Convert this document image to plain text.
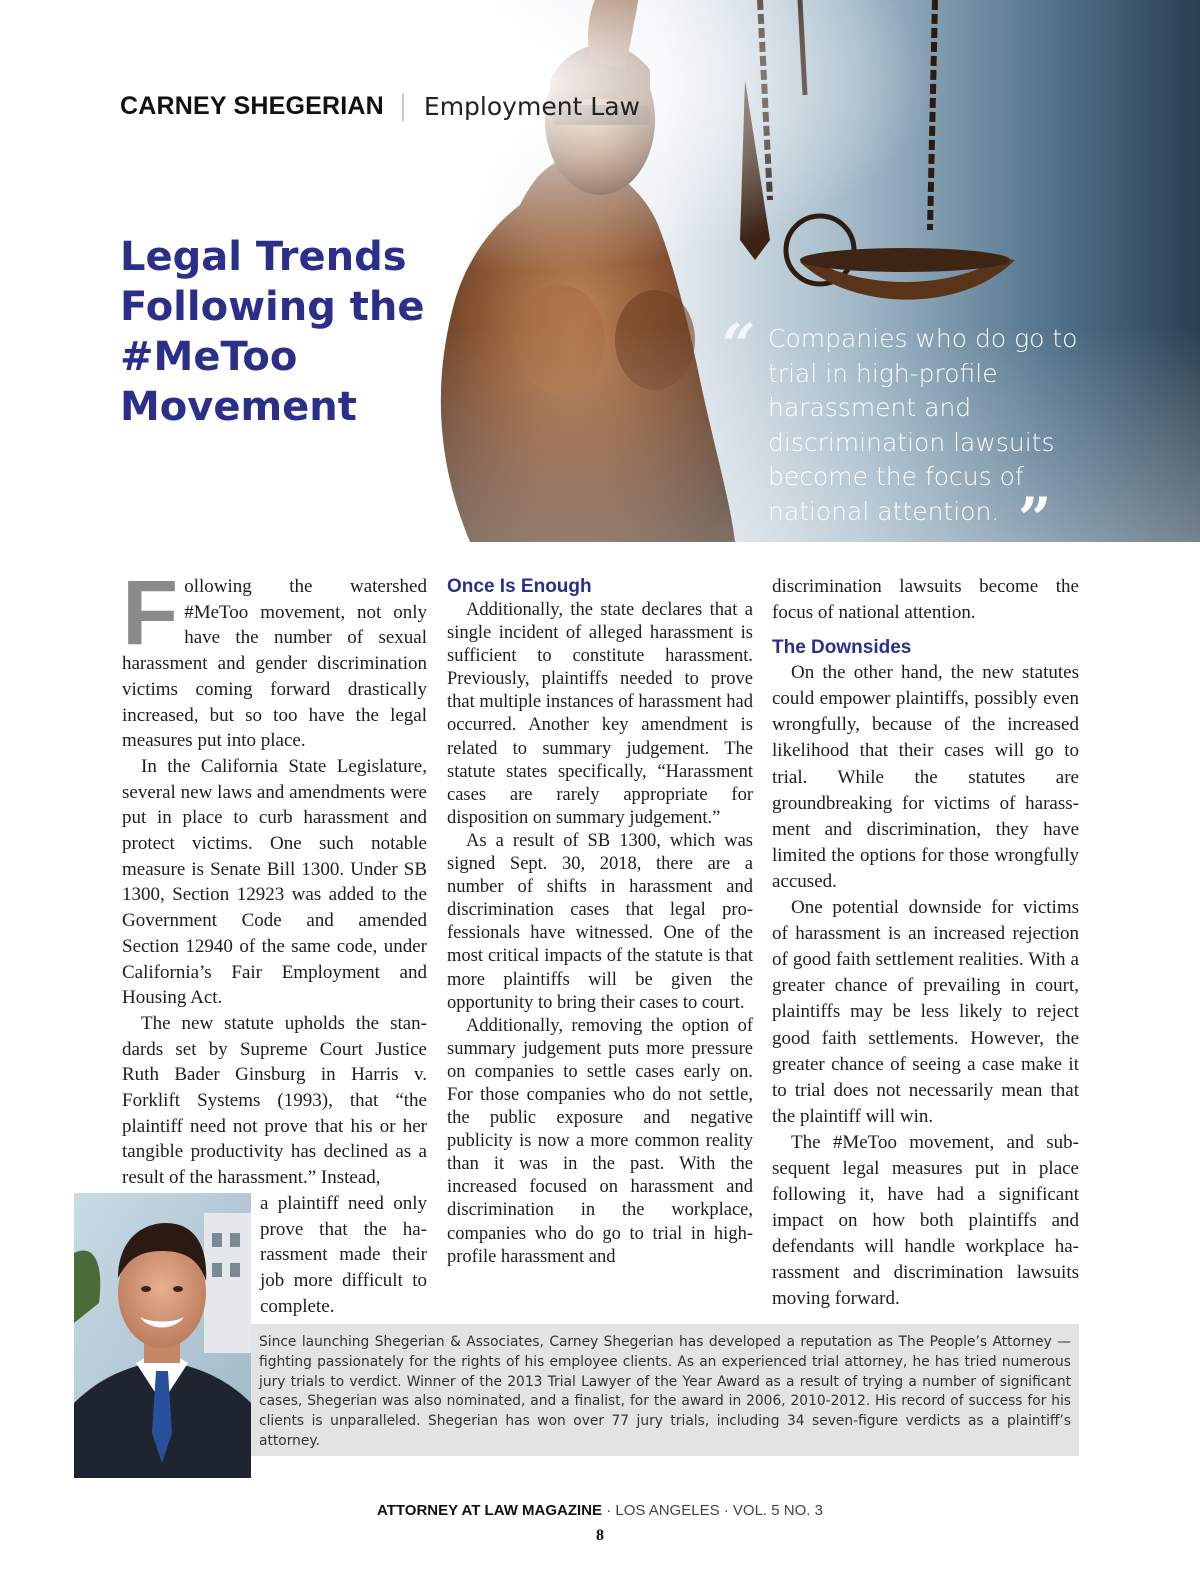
CARNEY SHEGERIAN Employment Law
Legal Trends Following the #MeToo Movement
“ Companies who do go to trial in high-profile harassment and discrimination lawsuits become the focus of national attention. ”

Following the watershed #MeToo movement, not only have the number of sexual harassment and gender discrimination victims coming forward drastically increased, but so too have the legal measures put into place.

In the California State Legislature, several new laws and amendments were put in place to curb harassment and protect victims. One such notable measure is Senate Bill 1300. Under SB 1300, Section 12923 was added to the Government Code and amended Section 12940 of the same code, under California’s Fair Employment and Housing Act.

The new statute upholds the standards set by Supreme Court Justice Ruth Bader Ginsburg in Harris v. Forklift Systems (1993), that “the plaintiff need not prove that his or her tangible productivity has declined as a result of the harassment.” Instead,

a plaintiff need only prove that the harassment made their job more difficult to complete.

Once Is Enough

Additionally, the state declares that a single incident of alleged harassment is sufficient to constitute harassment. Previously, plaintiffs needed to prove that multiple instances of harassment had occurred. Another key amendment is related to summary judgement. The statute states specifically, “Harassment cases are rarely appropriate for disposition on summary judgement.”

As a result of SB 1300, which was signed Sept. 30, 2018, there are a number of shifts in harassment and discrimination cases that legal professionals have witnessed. One of the most critical impacts of the statute is that more plaintiffs will be given the opportunity to bring their cases to court.

Additionally, removing the option of summary judgement puts more pressure on companies to settle cases early on. For those companies who do not settle, the public exposure and negative publicity is now a more common reality than it was in the past. With the increased focused on harassment and discrimination in the workplace, companies who do go to trial in high-profile harassment and

discrimination lawsuits become the focus of national attention.

The Downsides

On the other hand, the new statutes could empower plaintiffs, possibly even wrongfully, because of the increased likelihood that their cases will go to trial. While the statutes are groundbreaking for victims of harassment and discrimination, they have limited the options for those wrongfully accused.

One potential downside for victims of harassment is an increased rejection of good faith settlement realities. With a greater chance of prevailing in court, plaintiffs may be less likely to reject good faith settlements. However, the greater chance of seeing a case make it to trial does not necessarily mean that the plaintiff will win.

The #MeToo movement, and subsequent legal measures put in place following it, have had a significant impact on how both plaintiffs and defendants will handle workplace harassment and discrimination lawsuits moving forward.

Since launching Shegerian & Associates, Carney Shegerian has developed a reputation as The People’s Attorney — fighting passionately for the rights of his employee clients. As an experienced trial attorney, he has tried numerous jury trials to verdict. Winner of the 2013 Trial Lawyer of the Year Award as a result of trying a number of significant cases, Shegerian was also nominated, and a finalist, for the award in 2006, 2010-2012. His record of success for his clients is unparalleled. Shegerian has won over 77 jury trials, including 34 seven-figure verdicts as a plaintiff’s attorney.
ATTORNEY AT LAW MAGAZINE · LOS ANGELES · VOL. 5 NO. 3
8
